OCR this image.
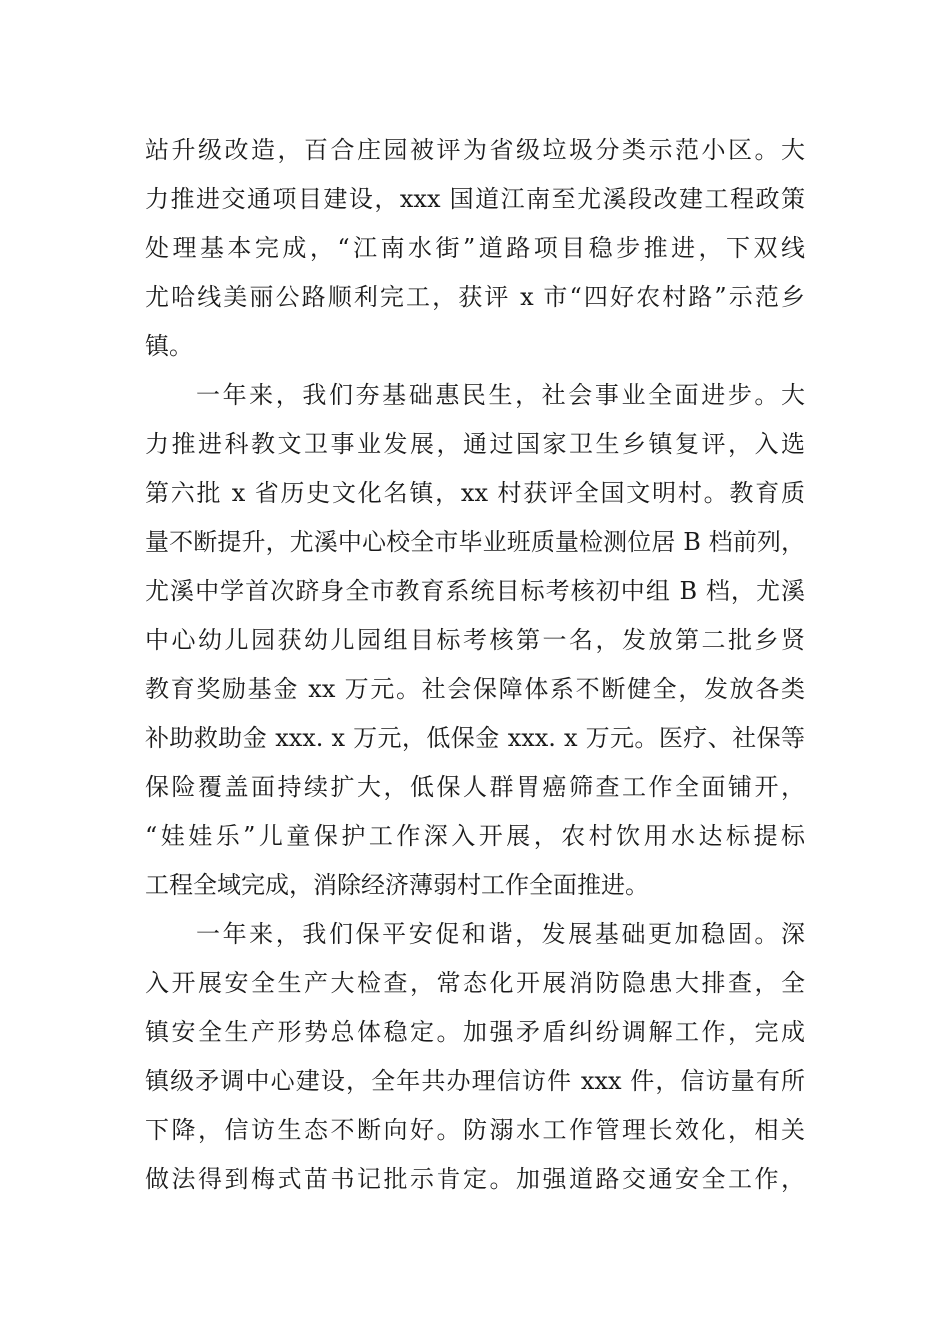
站升级改造，百合庄园被评为省级垃圾分类示范小区。大
力推进交通项目建设，xxx 国道江南至尤溪段改建工程政策
处理基本完成，“江南水街”道路项目稳步推进，下双线
尤哈线美丽公路顺利完工，获评 x 市“四好农村路”示范乡
镇。
一年来，我们夯基础惠民生，社会事业全面进步。大
力推进科教文卫事业发展，通过国家卫生乡镇复评，入选
第六批 x 省历史文化名镇，xx 村获评全国文明村。教育质
量不断提升，尤溪中心校全市毕业班质量检测位居 B 档前列，
尤溪中学首次跻身全市教育系统目标考核初中组 B 档，尤溪
中心幼儿园获幼儿园组目标考核第一名，发放第二批乡贤
教育奖励基金 xx 万元。社会保障体系不断健全，发放各类
补助救助金 xxx. x 万元，低保金 xxx. x 万元。医疗、社保等
保险覆盖面持续扩大，低保人群胃癌筛查工作全面铺开，
“娃娃乐”儿童保护工作深入开展，农村饮用水达标提标
工程全域完成，消除经济薄弱村工作全面推进。
一年来，我们保平安促和谐，发展基础更加稳固。深
入开展安全生产大检查，常态化开展消防隐患大排查，全
镇安全生产形势总体稳定。加强矛盾纠纷调解工作，完成
镇级矛调中心建设，全年共办理信访件 xxx 件，信访量有所
下降，信访生态不断向好。防溺水工作管理长效化，相关
做法得到梅式苗书记批示肯定。加强道路交通安全工作，
